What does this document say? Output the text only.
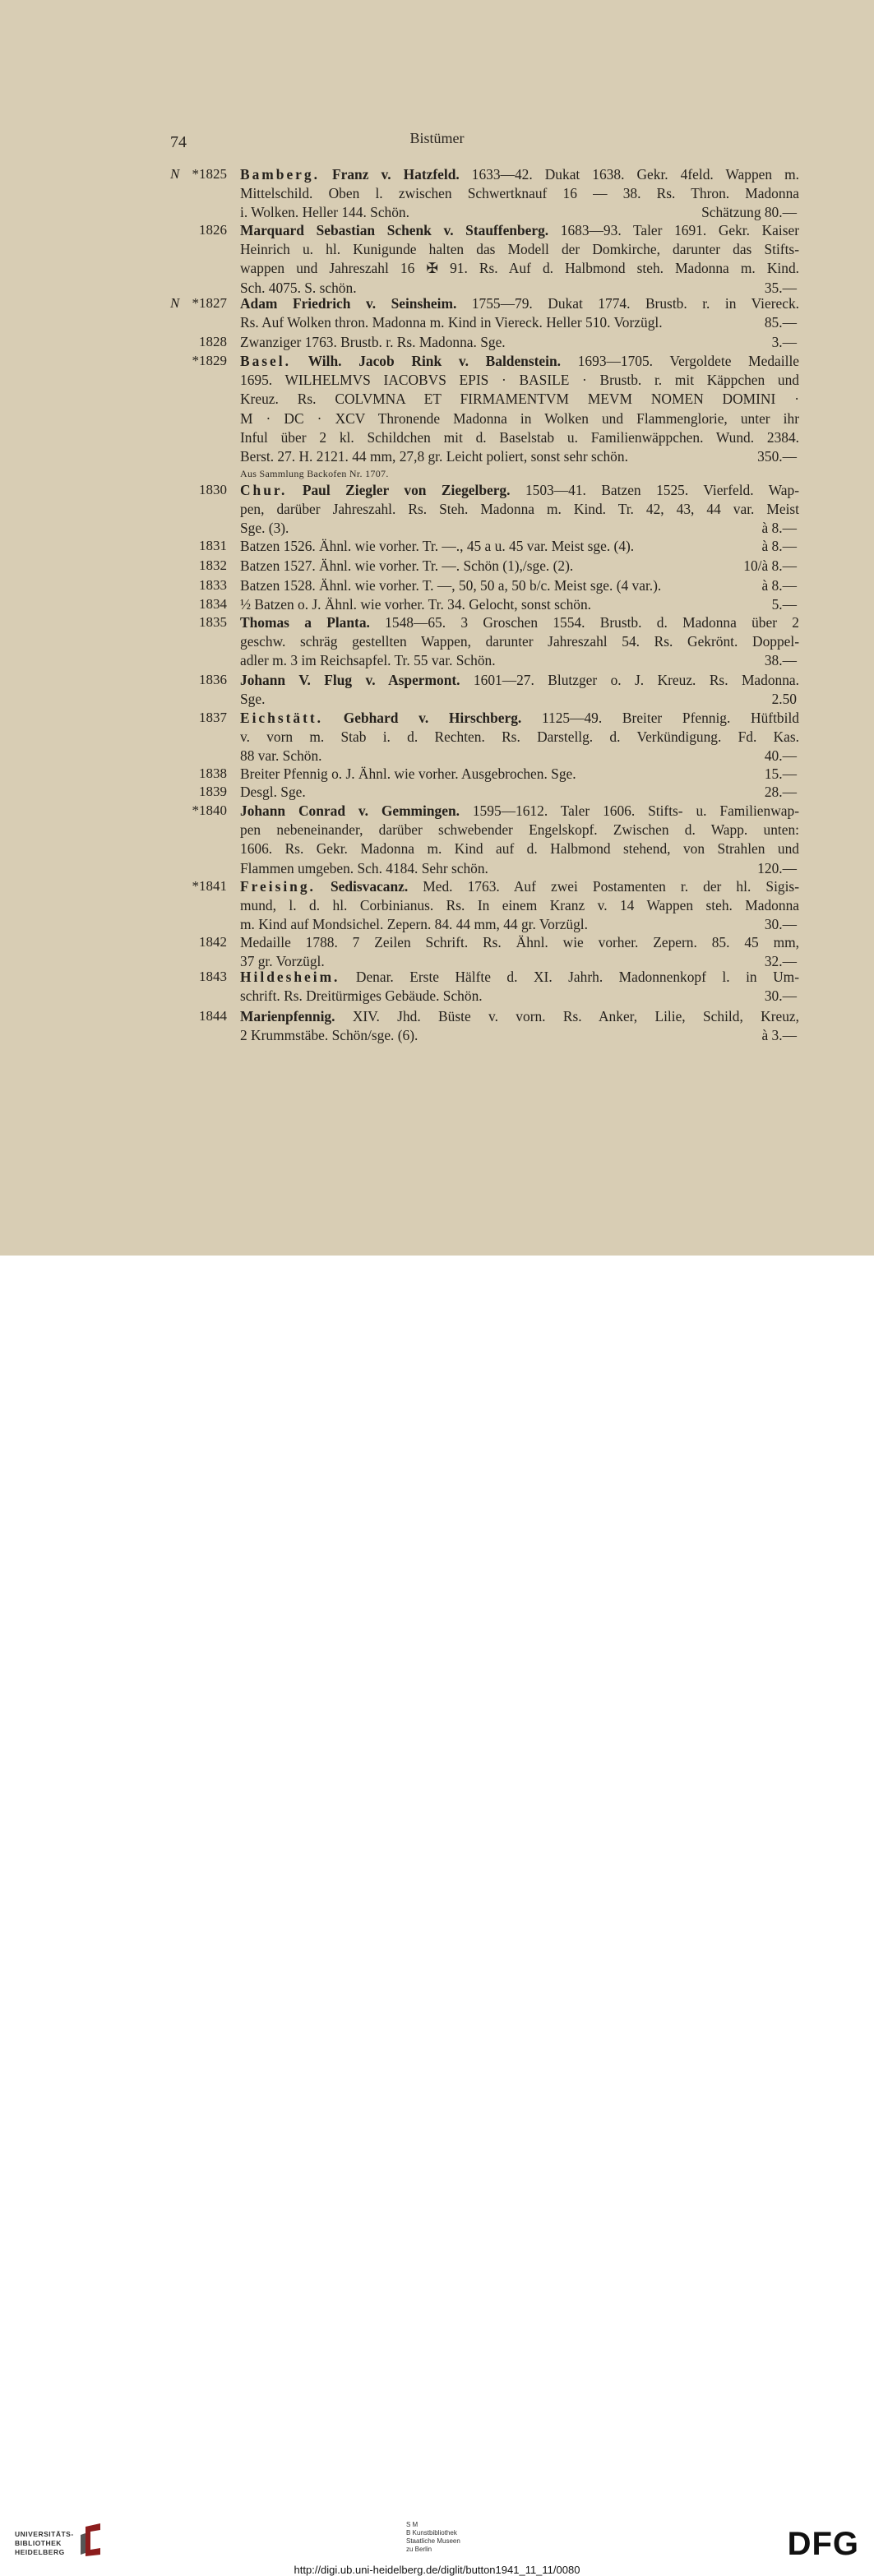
74	Bistümer
N *1825 Bamberg. Franz v. Hatzfeld. 1633—42. Dukat 1638. Gekr. 4feld. Wappen m.
Mittelschild. Oben l. zwischen Schwertknauf 16 — 38. Rs. Thron. Madonna
i. Wolken. Heller 144. Schön.	Schätzung 80.—
1826 Marquard Sebastian Schenk v. Stauffenberg. 1683—93. Taler 1691. Gekr. Kaiser
Heinrich u. hl. Kunigunde halten das Modell der Domkirche, darunter das Stifts-
wappen und Jahreszahl 16 ✠ 91. Rs. Auf d. Halbmond steh. Madonna m. Kind.
Sch. 4075. S. schön.	35.—
N *1827 Adam Friedrich v. Seinsheim. 1755—79. Dukat 1774. Brustb. r. in Viereck.
Rs. Auf Wolken thron. Madonna m. Kind in Viereck. Heller 510. Vorzügl.	85.—
1828 Zwanziger 1763. Brustb. r. Rs. Madonna. Sge.	3.—
*1829 Basel. Wilh. Jacob Rink v. Baldenstein. 1693—1705. Vergoldete Medaille
1695. WILHELMVS IACOBVS EPIS · BASILE · Brustb. r. mit Käppchen und
Kreuz. Rs. COLVMNA ET FIRMAMENTVM MEVM NOMEN DOMINI ·
M · DC · XCV Thronende Madonna in Wolken und Flammenglorie, unter ihr
Inful über 2 kl. Schildchen mit d. Baselstab u. Familienwäppchen. Wund. 2384.
Berst. 27. H. 2121. 44 mm, 27,8 gr. Leicht poliert, sonst sehr schön.	350.—
Aus Sammlung Backofen Nr. 1707.
1830 Chur. Paul Ziegler von Ziegelberg. 1503—41. Batzen 1525. Vierfeld. Wap-
pen, darüber Jahreszahl. Rs. Steh. Madonna m. Kind. Tr. 42, 43, 44 var. Meist
Sge. (3).	à 8.—
1831 Batzen 1526. Ähnl. wie vorher. Tr. —., 45 a u. 45 var. Meist sge. (4).	à 8.—
1832 Batzen 1527. Ähnl. wie vorher. Tr. —. Schön (1),/sge. (2).	10/à 8.—
1833 Batzen 1528. Ähnl. wie vorher. T. —, 50, 50 a, 50 b/c. Meist sge. (4 var.).	à 8.—
1834 ½ Batzen o. J. Ähnl. wie vorher. Tr. 34. Gelocht, sonst schön.	5.—
1835 Thomas a Planta. 1548—65. 3 Groschen 1554. Brustb. d. Madonna über 2
geschw. schräg gestellten Wappen, darunter Jahreszahl 54. Rs. Gekrönt. Doppel-
adler m. 3 im Reichsapfel. Tr. 55 var. Schön.	38.—
1836 Johann V. Flug v. Aspermont. 1601—27. Blutzger o. J. Kreuz. Rs. Madonna.
Sge.	2.50
1837 Eichstätt. Gebhard v. Hirschberg. 1125—49. Breiter Pfennig. Hüftbild
v. vorn m. Stab i. d. Rechten. Rs. Darstellg. d. Verkündigung. Fd. Kas.
88 var. Schön.	40.—
1838 Breiter Pfennig o. J. Ähnl. wie vorher. Ausgebrochen. Sge.	15.—
1839 Desgl. Sge.	28.—
*1840 Johann Conrad v. Gemmingen. 1595—1612. Taler 1606. Stifts- u. Familienwap-
pen nebeneinander, darüber schwebender Engelskopf. Zwischen d. Wapp. unten:
1606. Rs. Gekr. Madonna m. Kind auf d. Halbmond stehend, von Strahlen und
Flammen umgeben. Sch. 4184. Sehr schön.	120.—
*1841 Freising. Sedisvacanz. Med. 1763. Auf zwei Postamenten r. der hl. Sigis-
mund, l. d. hl. Corbinianus. Rs. In einem Kranz v. 14 Wappen steh. Madonna
m. Kind auf Mondsichel. Zepern. 84. 44 mm, 44 gr. Vorzügl.	30.—
1842 Medaille 1788. 7 Zeilen Schrift. Rs. Ähnl. wie vorher. Zepern. 85. 45 mm,
37 gr. Vorzügl.	32.—
1843 Hildesheim. Denar. Erste Hälfte d. XI. Jahrh. Madonnenkopf l. in Um-
schrift. Rs. Dreitürmiges Gebäude. Schön.	30.—
1844 Marienpfennig. XIV. Jhd. Büste v. vorn. Rs. Anker, Lilie, Schild, Kreuz,
2 Krummstäbe. Schön/sge. (6).	à 3.—
UNIVERSITÄTS-
BIBLIOTHEK
HEIDELBERG
S M
B Kunstbibliothek
Staatliche Museen
zu Berlin	DFG
http://digi.ub.uni-heidelberg.de/diglit/button1941_11_11/0080
